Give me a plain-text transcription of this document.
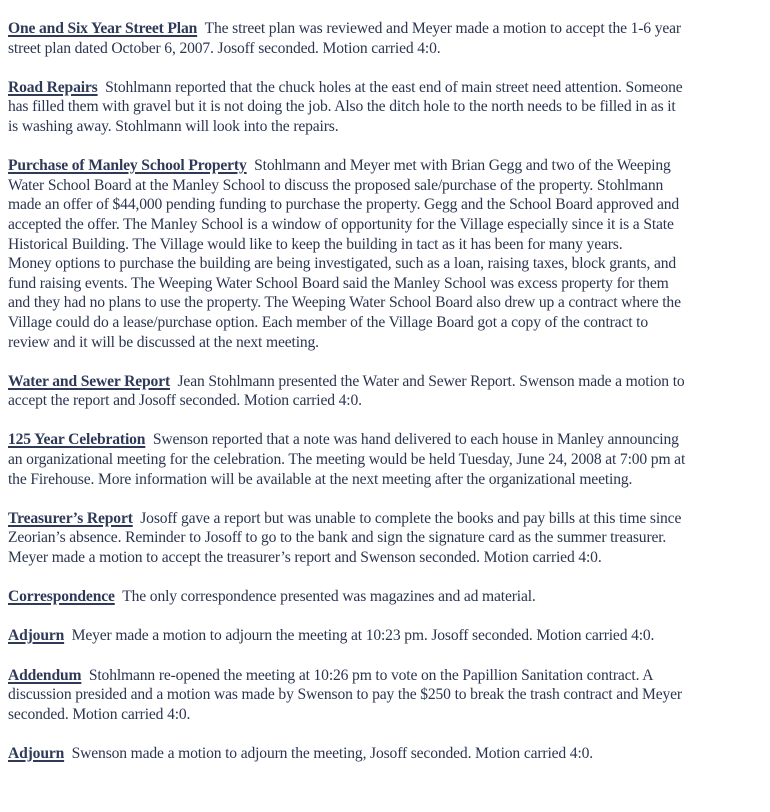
One and Six Year Street Plan The street plan was reviewed and Meyer made a motion to accept the 1-6 year
street plan dated October 6, 2007. Josoff seconded. Motion carried 4:0.
Road Repairs Stohlmann reported that the chuck holes at the east end of main street need attention. Someone
has filled them with gravel but it is not doing the job. Also the ditch hole to the north needs to be filled in as it
is washing away. Stohlmann will look into the repairs.
Purchase of Manley School Property Stohlmann and Meyer met with Brian Gegg and two of the Weeping
Water School Board at the Manley School to discuss the proposed sale/purchase of the property. Stohlmann
made an offer of $44,000 pending funding to purchase the property. Gegg and the School Board approved and
accepted the offer. The Manley School is a window of opportunity for the Village especially since it is a State
Historical Building. The Village would like to keep the building in tact as it has been for many years.
Money options to purchase the building are being investigated, such as a loan, raising taxes, block grants, and
fund raising events. The Weeping Water School Board said the Manley School was excess property for them
and they had no plans to use the property. The Weeping Water School Board also drew up a contract where the
Village could do a lease/purchase option. Each member of the Village Board got a copy of the contract to
review and it will be discussed at the next meeting.
Water and Sewer Report Jean Stohlmann presented the Water and Sewer Report. Swenson made a motion to
accept the report and Josoff seconded. Motion carried 4:0.
125 Year Celebration Swenson reported that a note was hand delivered to each house in Manley announcing
an organizational meeting for the celebration. The meeting would be held Tuesday, June 24, 2008 at 7:00 pm at
the Firehouse. More information will be available at the next meeting after the organizational meeting.
Treasurer’s Report Josoff gave a report but was unable to complete the books and pay bills at this time since
Zeorian’s absence. Reminder to Josoff to go to the bank and sign the signature card as the summer treasurer.
Meyer made a motion to accept the treasurer’s report and Swenson seconded. Motion carried 4:0.
Correspondence The only correspondence presented was magazines and ad material.
Adjourn Meyer made a motion to adjourn the meeting at 10:23 pm. Josoff seconded. Motion carried 4:0.
Addendum Stohlmann re-opened the meeting at 10:26 pm to vote on the Papillion Sanitation contract. A
discussion presided and a motion was made by Swenson to pay the $250 to break the trash contract and Meyer
seconded. Motion carried 4:0.
Adjourn Swenson made a motion to adjourn the meeting, Josoff seconded. Motion carried 4:0.
